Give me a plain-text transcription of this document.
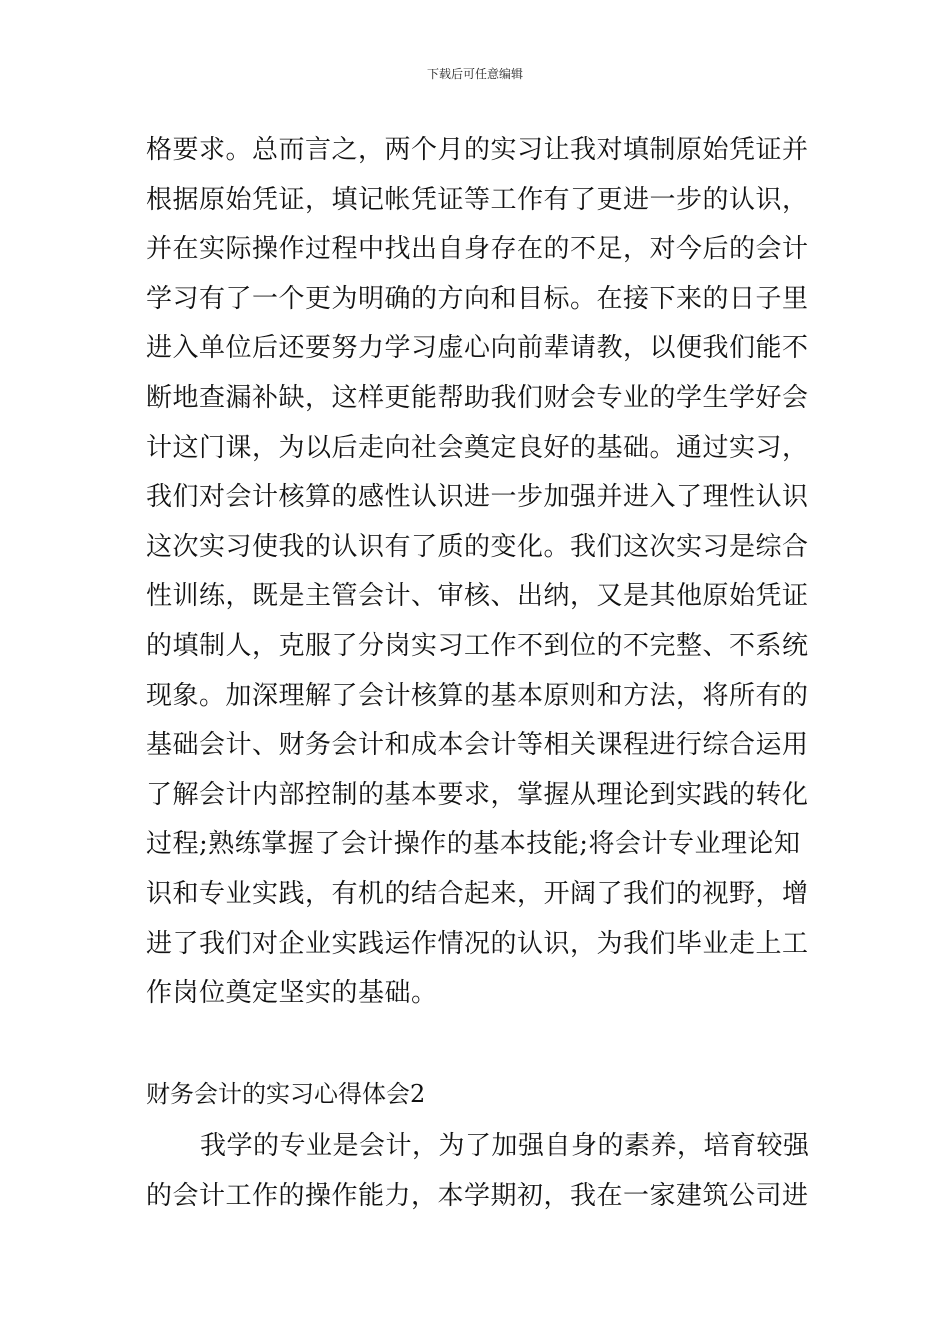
下载后可任意编辑
格要求。总而言之，两个月的实习让我对填制原始凭证并
根据原始凭证，填记帐凭证等工作有了更进一步的认识，
并在实际操作过程中找出自身存在的不足，对今后的会计
学习有了一个更为明确的方向和目标。在接下来的日子里
进入单位后还要努力学习虚心向前辈请教，以便我们能不
断地查漏补缺，这样更能帮助我们财会专业的学生学好会
计这门课，为以后走向社会奠定良好的基础。通过实习，
我们对会计核算的感性认识进一步加强并进入了理性认识
这次实习使我的认识有了质的变化。我们这次实习是综合
性训练，既是主管会计、审核、出纳，又是其他原始凭证
的填制人，克服了分岗实习工作不到位的不完整、不系统
现象。加深理解了会计核算的基本原则和方法，将所有的
基础会计、财务会计和成本会计等相关课程进行综合运用
了解会计内部控制的基本要求，掌握从理论到实践的转化
过程;熟练掌握了会计操作的基本技能;将会计专业理论知
识和专业实践，有机的结合起来，开阔了我们的视野，增
进了我们对企业实践运作情况的认识，为我们毕业走上工
作岗位奠定坚实的基础。
财务会计的实习心得体会2
我学的专业是会计，为了加强自身的素养，培育较强
的会计工作的操作能力，本学期初，我在一家建筑公司进
